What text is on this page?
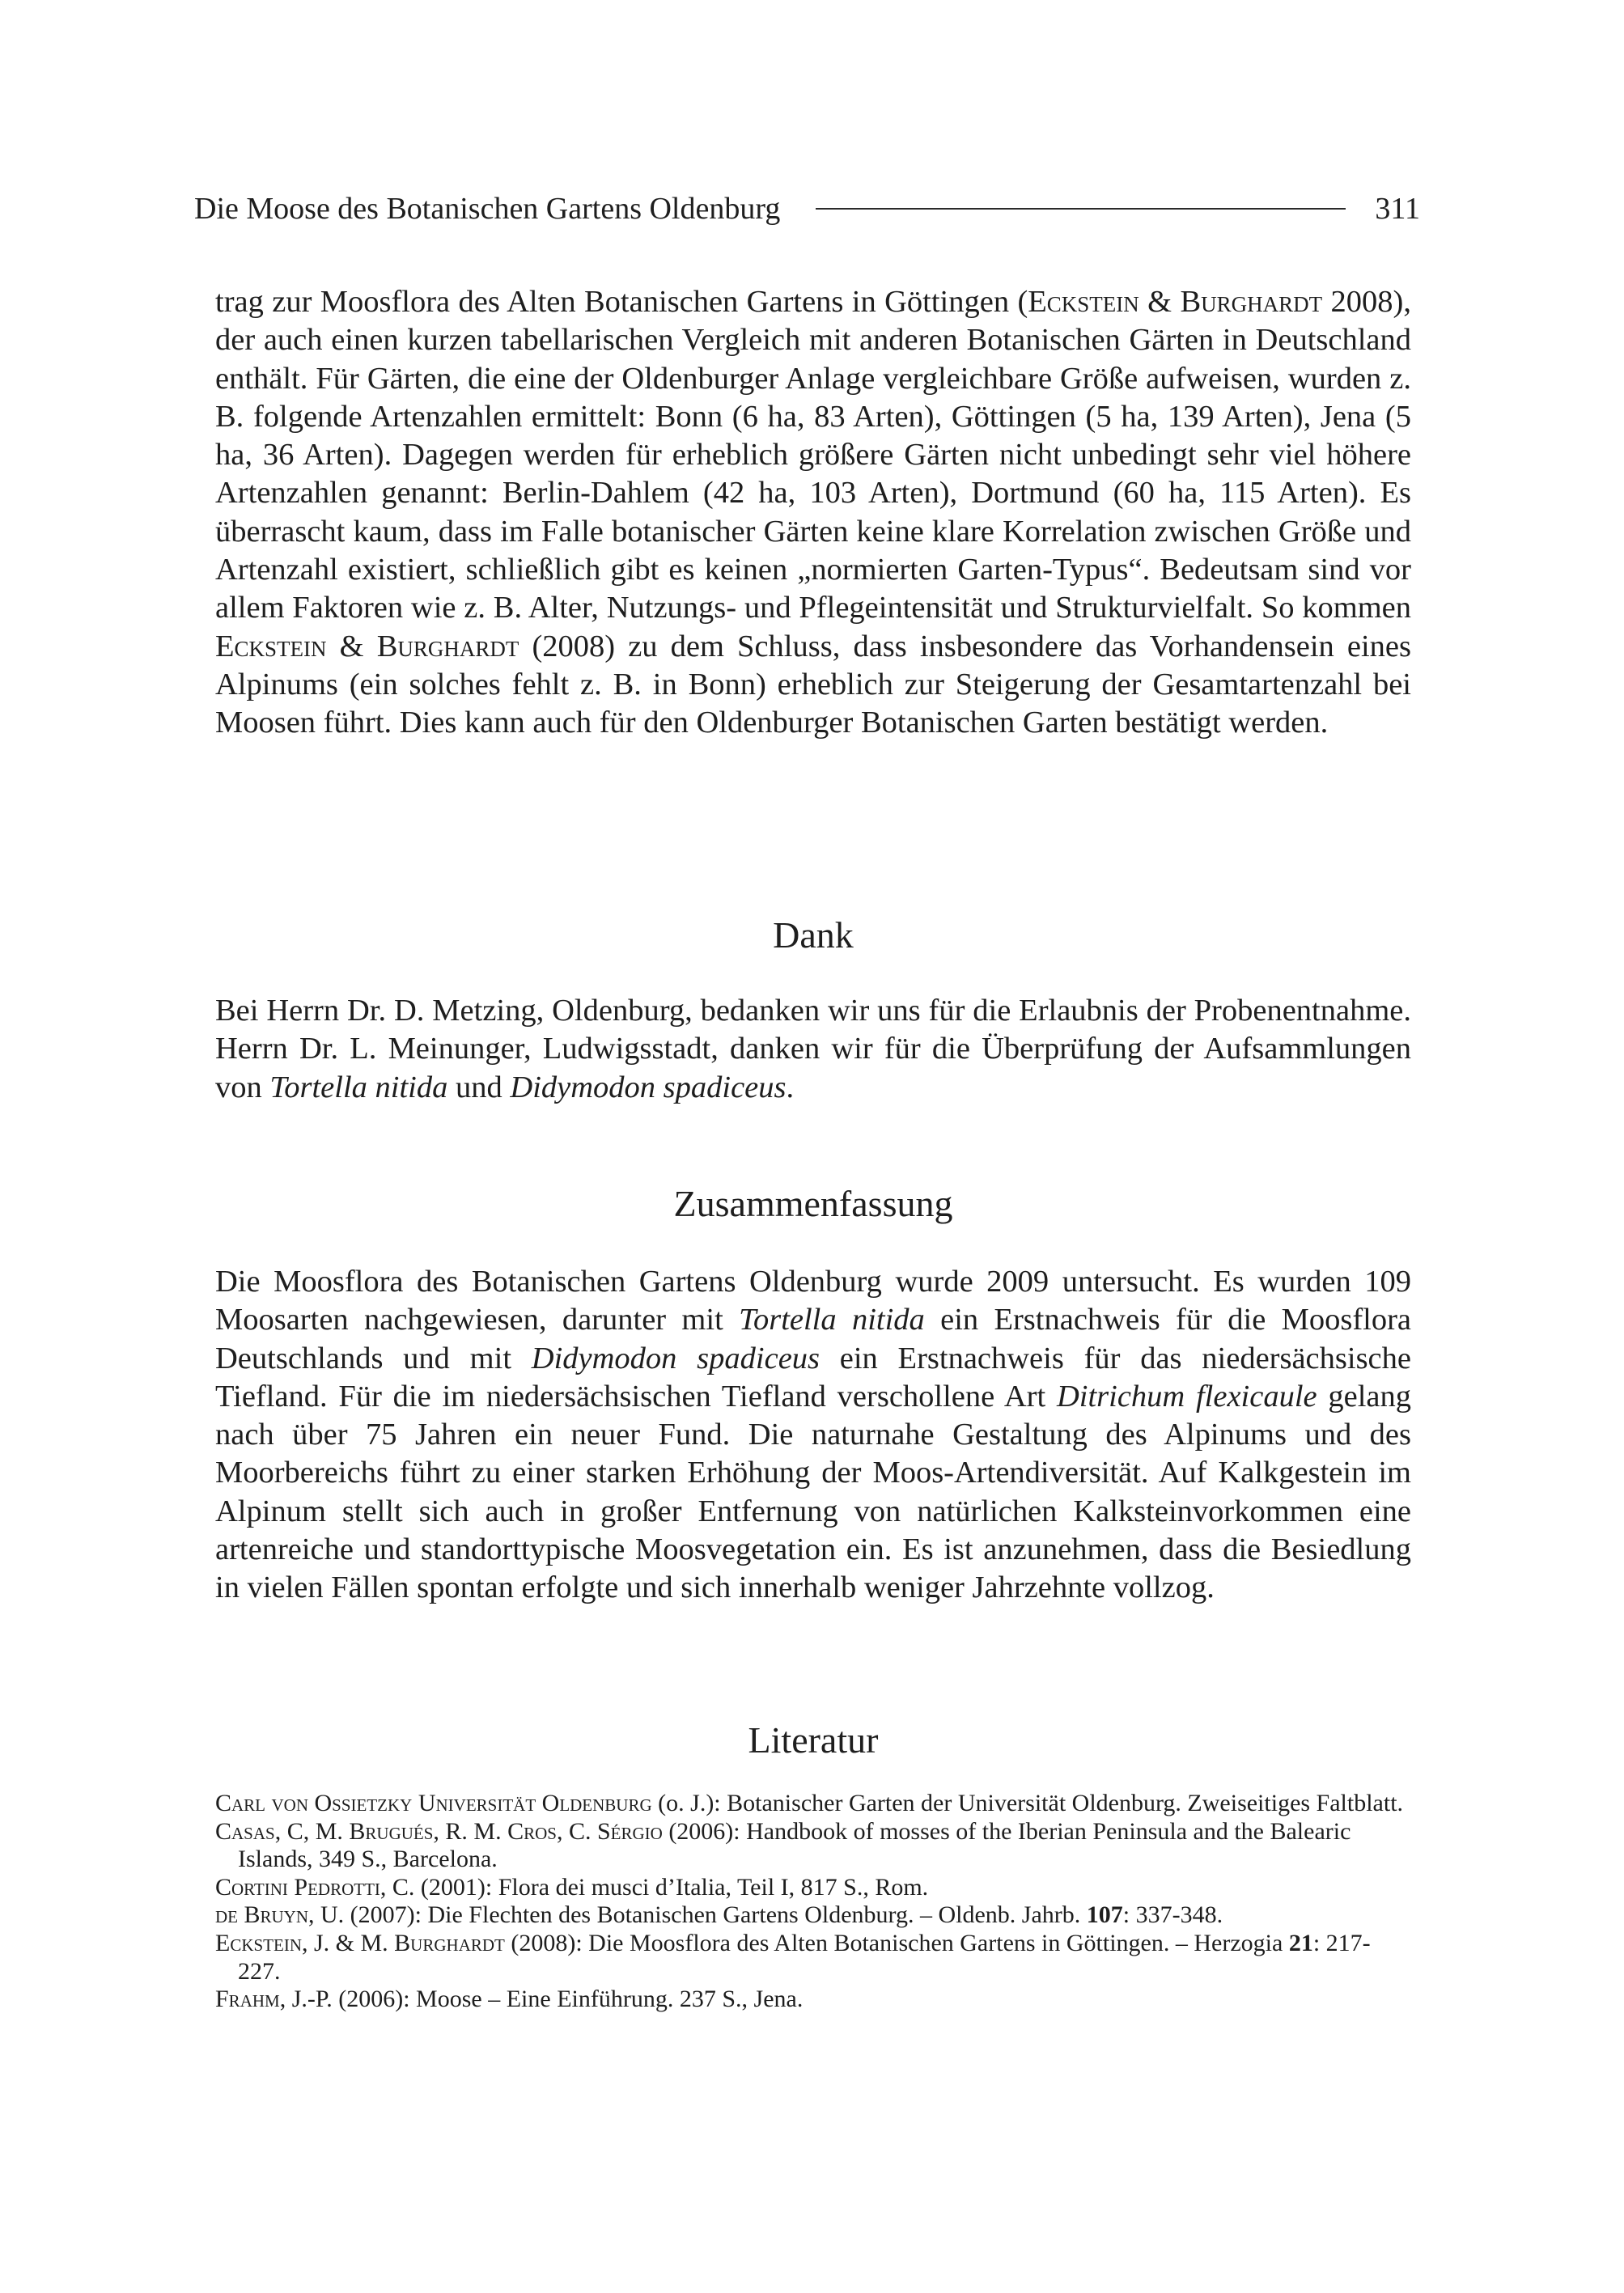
Die Moose des Botanischen Gartens Oldenburg	311

trag zur Moosflora des Alten Botanischen Gartens in Göttingen (Eckstein & Burghardt 2008), der auch einen kurzen tabellarischen Vergleich mit anderen Botanischen Gärten in Deutschland enthält. Für Gärten, die eine der Oldenburger Anlage vergleichbare Größe aufweisen, wurden z. B. folgende Artenzahlen ermittelt: Bonn (6 ha, 83 Arten), Göttingen (5 ha, 139 Arten), Jena (5 ha, 36 Arten). Dagegen werden für erheblich größere Gärten nicht unbedingt sehr viel höhere Artenzahlen genannt: Berlin-Dahlem (42 ha, 103 Arten), Dortmund (60 ha, 115 Arten). Es überrascht kaum, dass im Falle botanischer Gärten keine klare Korrelation zwischen Größe und Artenzahl existiert, schließlich gibt es keinen „normierten Garten-Typus“. Bedeutsam sind vor allem Faktoren wie z. B. Alter, Nutzungs- und Pflegeintensität und Strukturvielfalt. So kommen Eckstein & Burghardt (2008) zu dem Schluss, dass insbesondere das Vorhandensein eines Alpinums (ein solches fehlt z. B. in Bonn) erheblich zur Steigerung der Gesamtartenzahl bei Moosen führt. Dies kann auch für den Oldenburger Botanischen Garten bestätigt werden.

Dank

Bei Herrn Dr. D. Metzing, Oldenburg, bedanken wir uns für die Erlaubnis der Probenentnahme. Herrn Dr. L. Meinunger, Ludwigsstadt, danken wir für die Überprüfung der Aufsammlungen von Tortella nitida und Didymodon spadiceus.

Zusammenfassung

Die Moosflora des Botanischen Gartens Oldenburg wurde 2009 untersucht. Es wurden 109 Moosarten nachgewiesen, darunter mit Tortella nitida ein Erstnachweis für die Moosflora Deutschlands und mit Didymodon spadiceus ein Erstnachweis für das niedersächsische Tiefland. Für die im niedersächsischen Tiefland verschollene Art Ditrichum flexicaule gelang nach über 75 Jahren ein neuer Fund. Die naturnahe Gestaltung des Alpinums und des Moorbereichs führt zu einer starken Erhöhung der Moos-Artendiversität. Auf Kalkgestein im Alpinum stellt sich auch in großer Entfernung von natürlichen Kalksteinvorkommen eine artenreiche und standorttypische Moosvegetation ein. Es ist anzunehmen, dass die Besiedlung in vielen Fällen spontan erfolgte und sich innerhalb weniger Jahrzehnte vollzog.

Literatur
Carl von Ossietzky Universität Oldenburg (o. J.): Botanischer Garten der Universität Oldenburg. Zweiseitiges Faltblatt.
Casas, C, M. Brugués, R. M. Cros, C. Sérgio (2006): Handbook of mosses of the Iberian Peninsula and the Balearic Islands, 349 S., Barcelona.
Cortini Pedrotti, C. (2001): Flora dei musci d’Italia, Teil I, 817 S., Rom.
de Bruyn, U. (2007): Die Flechten des Botanischen Gartens Oldenburg. – Oldenb. Jahrb. 107: 337-348.
Eckstein, J. & M. Burghardt (2008): Die Moosflora des Alten Botanischen Gartens in Göttingen. – Herzogia 21: 217-227.
Frahm, J.-P. (2006): Moose – Eine Einführung. 237 S., Jena.
